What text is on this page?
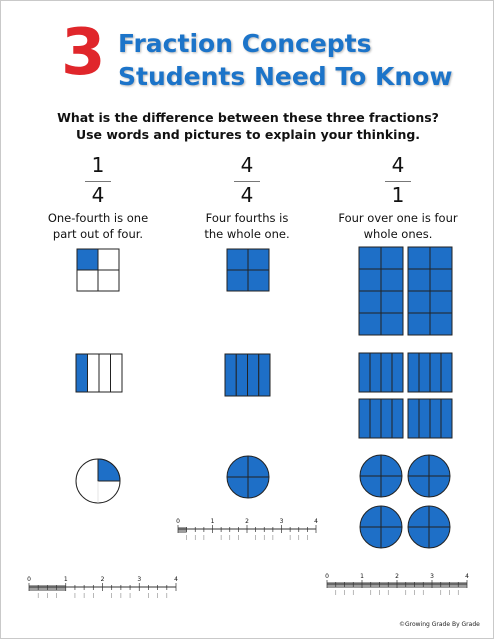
3 Fraction Concepts
Students Need To Know
What is the difference between these three fractions?
Use words and pictures to explain your thinking.
1
4
One-fourth is one
part out of four.
4
4
Four fourths is
the whole one.
4
1
Four over one is four
whole ones.
0	1	2	3	4
0	1	2	3	4
0	1	2	3	4
©Growing Grade By Grade
